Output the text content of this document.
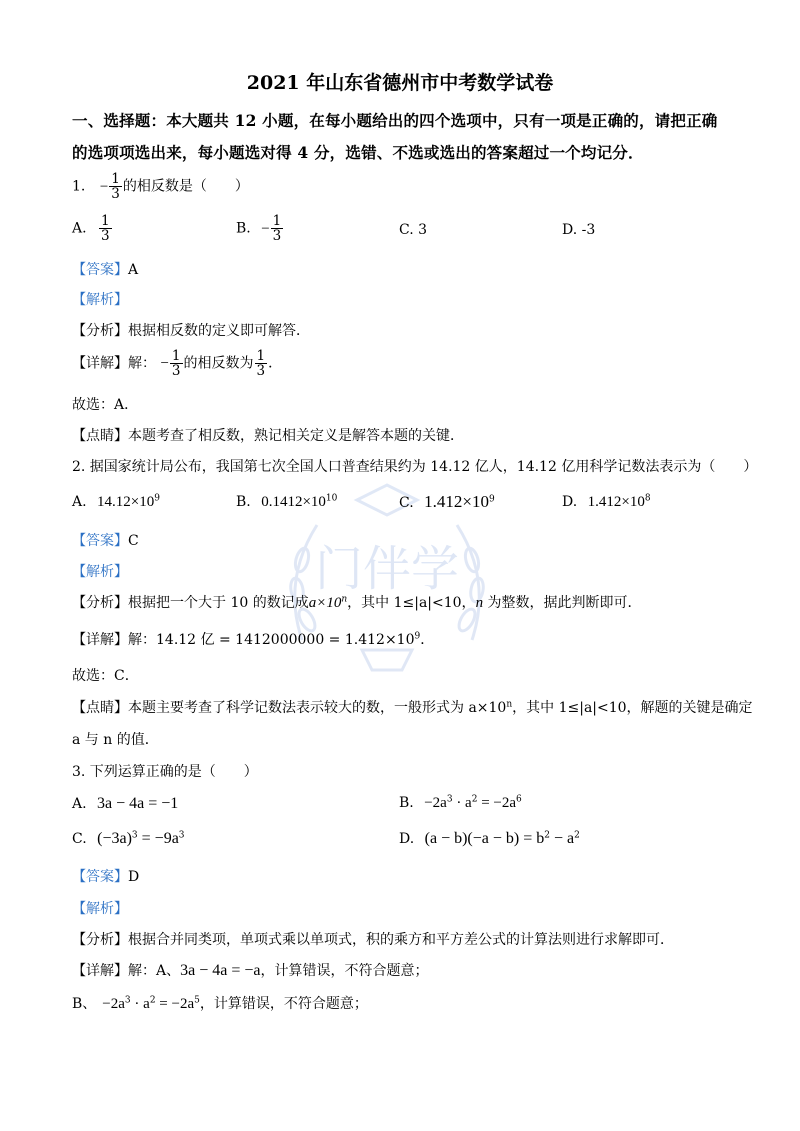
门伴学
2021 年山东省德州市中考数学试卷
一、选择题：本大题共 12 小题，在每小题给出的四个选项中，只有一项是正确的，请把正确
的选项项选出来，每小题选对得 4 分，选错、不选或选出的答案超过一个均记分．
1. − $\frac{1}{3}$ 的相反数是（　　）
A. $\frac{1}{3}$	B. − $\frac{1}{3}$	C. 3	D. -3
【答案】A
【解析】
【分析】根据相反数的定义即可解答．
【详解】解： − $\frac{1}{3}$ 的相反数为 $\frac{1}{3}$ ．
故选：A．
【点睛】本题考查了相反数，熟记相关定义是解答本题的关键．
2. 据国家统计局公布，我国第七次全国人口普查结果约为 14.12 亿人，14.12 亿用科学记数法表示为（　　）
A. $14.12\times 10^9$	B. $0.1412\times 10^{10}$	C. $1.412\times 10^9$	D. $1.412\times 10^8$
【答案】C
【解析】
【分析】根据把一个大于 10 的数记成$a\times 10^n$，其中 1≤|a|<10，n 为整数，据此判断即可．
【详解】解：14.12 亿 = $1412000000 = 1.412\times 10^9$．
故选：C．
【点睛】本题主要考查了科学记数法表示较大的数，一般形式为 $a\times 10^n$，其中 1≤|a|<10，解题的关键是确定
a 与 n 的值．
3. 下列运算正确的是（　　）
A. 3a − 4a = −1	B. $-2a^3 \cdot a^2 = -2a^6$
C. $(-3a)^3 = -9a^3$	D. $(a - b)(-a - b) = b^2 - a^2$
【答案】D
【解析】
【分析】根据合并同类项，单项式乘以单项式，积的乘方和平方差公式的计算法则进行求解即可．
【详解】解：A、3a − 4a = −a，计算错误，不符合题意；
B、 $-2a^3 \cdot a^2 = -2a^5$，计算错误，不符合题意；
